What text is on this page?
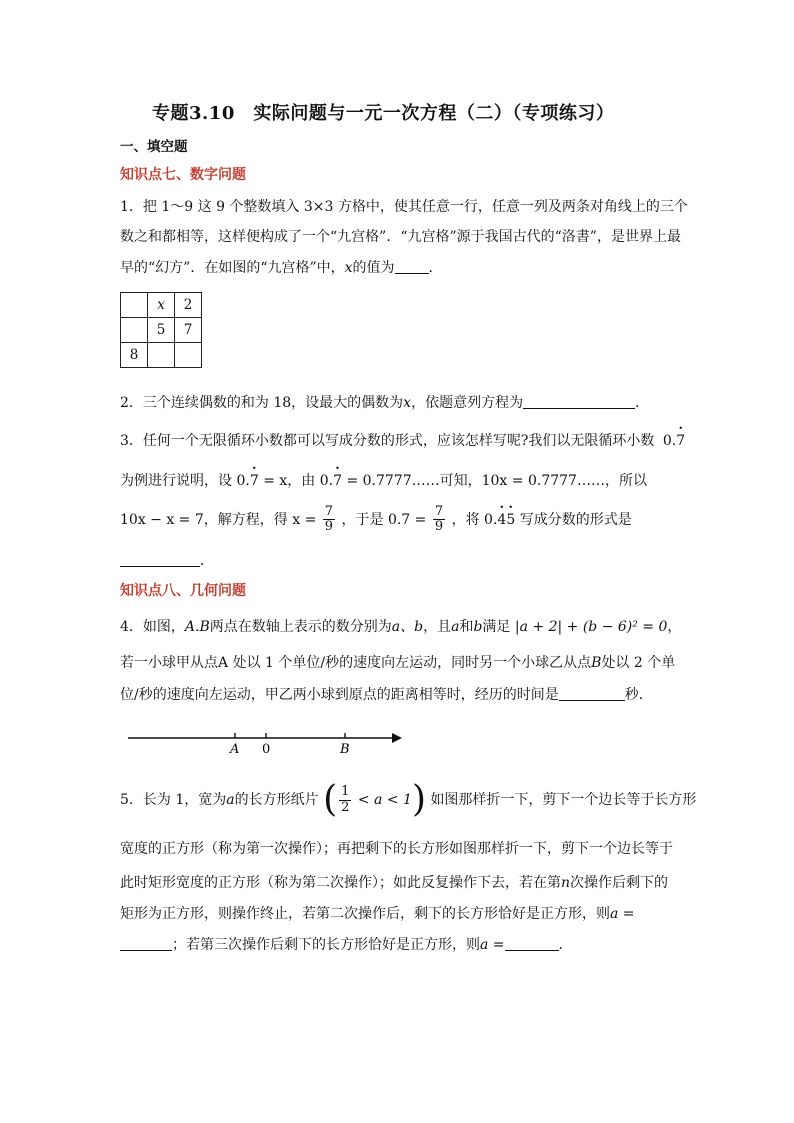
专题3.10　实际问题与一元一次方程（二）（专项练习）
一、填空题
知识点七、数字问题
1．把 1～9 这 9 个整数填入 3×3 方格中，使其任意一行，任意一列及两条对角线上的三个
数之和都相等，这样便构成了一个“九宫格”．“九宫格”源于我国古代的“洛書”，是世界上最
早的“幻方”．在如图的“九宫格”中，x的值为 ．
	x	2
	5	7
8		
2．三个连续偶数的和为 18，设最大的偶数为x，依题意列方程为	．
3．任何一个无限循环小数都可以写成分数的形式，应该怎样写呢?我们以无限循环小数 0.• 7
为例进行说明，设 0.• 7 = x，由 0.• 7 = 0.7777……可知，10x = 0.7777……，所以
10x − x = 7，解方程，得 $x = \frac{7}{9}$ ，于是 $0.7 = \frac{7}{9}$ ，将 0.• 4• 5 写成分数的形式是
．
知识点八、几何问题
4．如图，A.B两点在数轴上表示的数分别为a、b，且a和b满足 |a + 2| + (b − 6)² = 0，
若一小球甲从点A 处以 1 个单位/秒的速度向左运动，同时另一个小球乙从点B处以 2 个单
位/秒的速度向左运动，甲乙两小球到原点的距离相等时，经历的时间是	秒．
A 0	B
5．长为 1，宽为a的长方形纸片 ( $\frac{1}{2} < a < 1$) 如图那样折一下，剪下一个边长等于长方形
宽度的正方形（称为第一次操作）；再把剩下的长方形如图那样折一下，剪下一个边长等于
此时矩形宽度的正方形（称为第二次操作）；如此反复操作下去，若在第n次操作后剩下的
矩形为正方形，则操作终止，若第二次操作后，剩下的长方形恰好是正方形，则a =
；若第三次操作后剩下的长方形恰好是正方形，则a =	．
